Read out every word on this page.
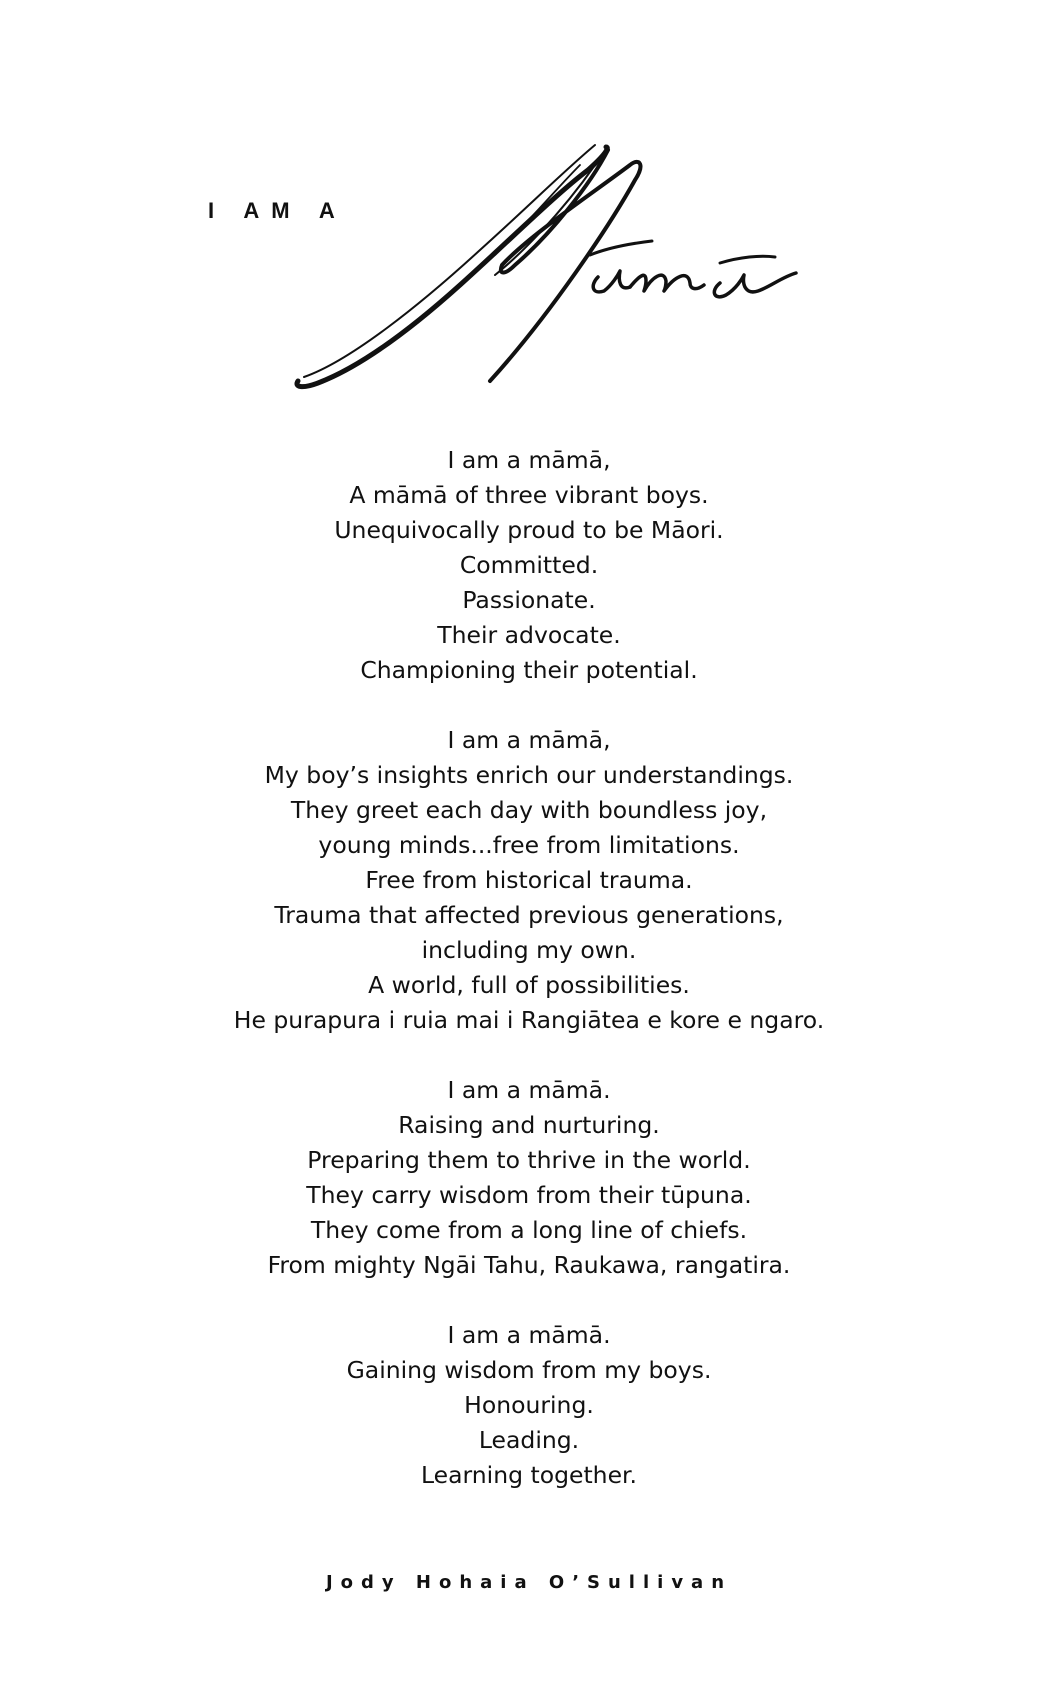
I AM A
I am a māmā,
A māmā of three vibrant boys.
Unequivocally proud to be Māori.
Committed.
Passionate.
Their advocate.
Championing their potential.
I am a māmā,
My boy’s insights enrich our understandings.
They greet each day with boundless joy,
young minds...free from limitations.
Free from historical trauma.
Trauma that affected previous generations,
including my own.
A world, full of possibilities.
He purapura i ruia mai i Rangiātea e kore e ngaro.
I am a māmā.
Raising and nurturing.
Preparing them to thrive in the world.
They carry wisdom from their tūpuna.
They come from a long line of chiefs.
From mighty Ngāi Tahu, Raukawa, rangatira.
I am a māmā.
Gaining wisdom from my boys.
Honouring.
Leading.
Learning together.
Jody Hohaia O’Sullivan
